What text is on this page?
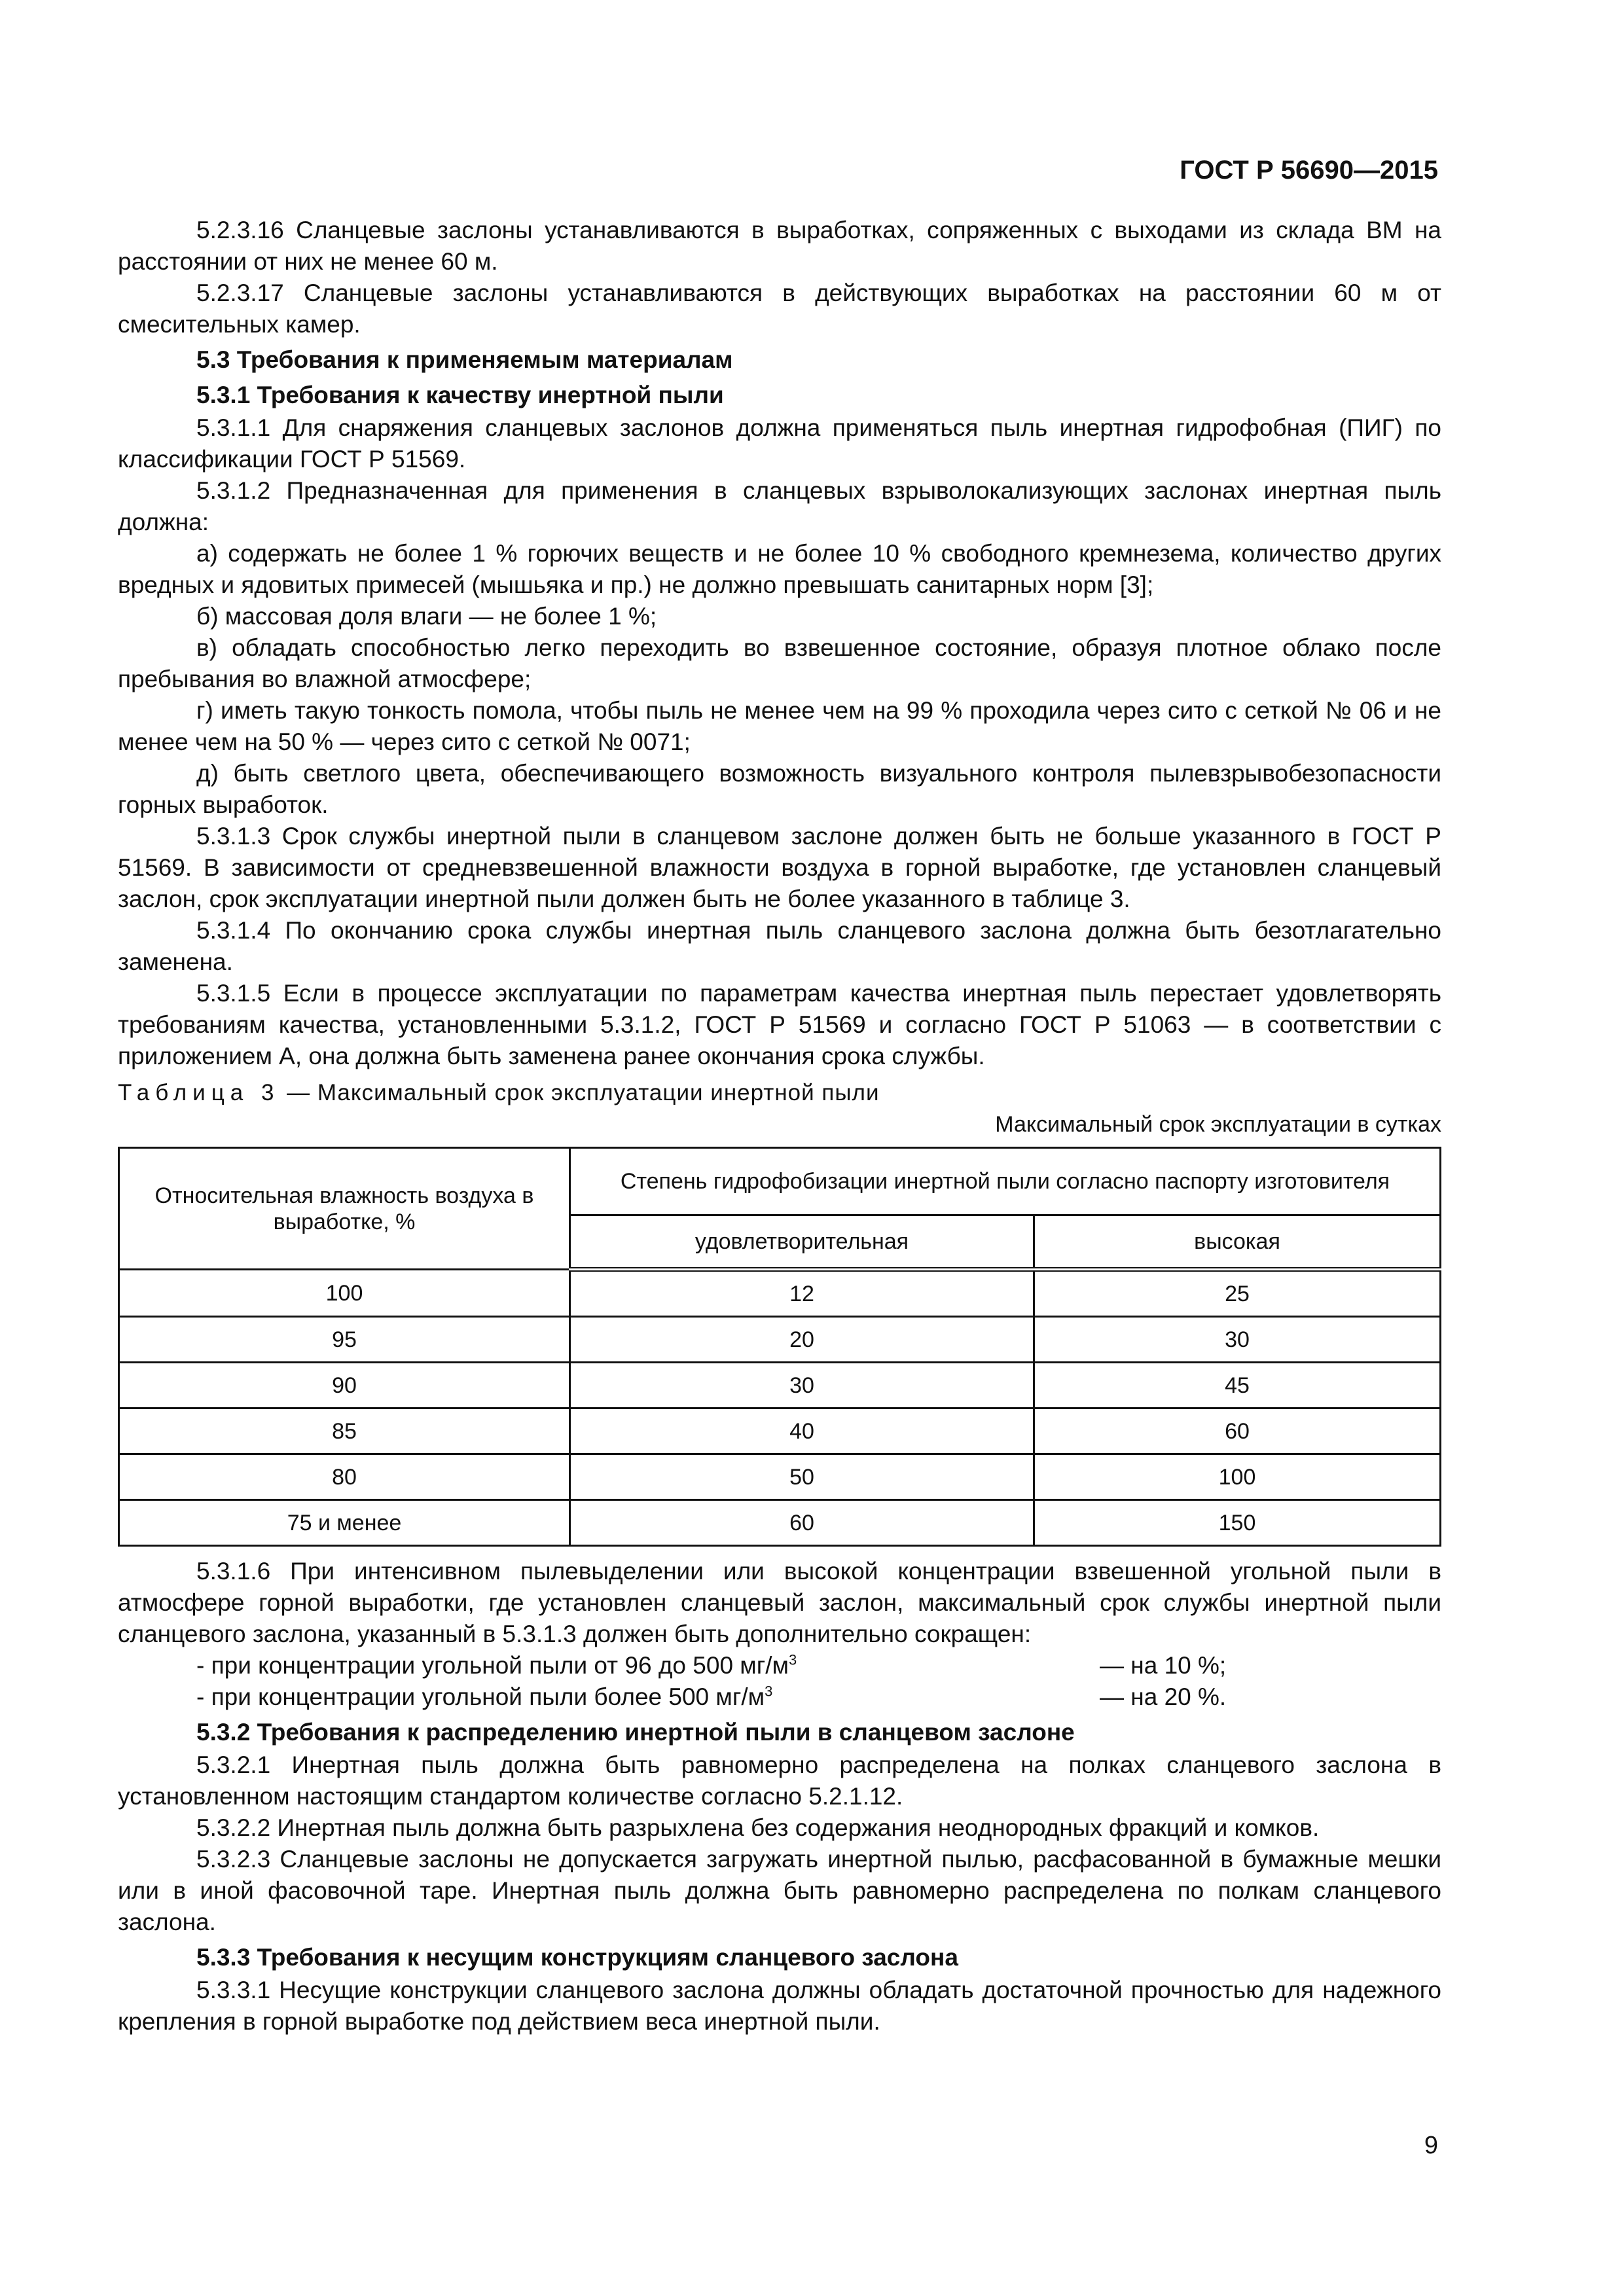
ГОСТ Р 56690—2015

5.2.3.16 Сланцевые заслоны устанавливаются в выработках, сопряженных с выходами из склада ВМ на расстоянии от них не менее 60 м.

5.2.3.17 Сланцевые заслоны устанавливаются в действующих выработках на расстоянии 60 м от смесительных камер.

5.3 Требования к применяемым материалам

5.3.1 Требования к качеству инертной пыли

5.3.1.1 Для снаряжения сланцевых заслонов должна применяться пыль инертная гидрофобная (ПИГ) по классификации ГОСТ Р 51569.

5.3.1.2 Предназначенная для применения в сланцевых взрыволокализующих заслонах инертная пыль должна:

а) содержать не более 1 % горючих веществ и не более 10 % свободного кремнезема, количество других вредных и ядовитых примесей (мышьяка и пр.) не должно превышать санитарных норм [3];

б) массовая доля влаги — не более 1 %;

в) обладать способностью легко переходить во взвешенное состояние, образуя плотное облако после пребывания во влажной атмосфере;

г) иметь такую тонкость помола, чтобы пыль не менее чем на 99 % проходила через сито с сеткой № 06 и не менее чем на 50 % — через сито с сеткой № 0071;

д) быть светлого цвета, обеспечивающего возможность визуального контроля пылевзрывобезопасности горных выработок.

5.3.1.3 Срок службы инертной пыли в сланцевом заслоне должен быть не больше указанного в ГОСТ Р 51569. В зависимости от средневзвешенной влажности воздуха в горной выработке, где установлен сланцевый заслон, срок эксплуатации инертной пыли должен быть не более указанного в таблице 3.

5.3.1.4 По окончанию срока службы инертная пыль сланцевого заслона должна быть безотлагательно заменена.

5.3.1.5 Если в процессе эксплуатации по параметрам качества инертная пыль перестает удовлетворять требованиям качества, установленными 5.3.1.2, ГОСТ Р 51569 и согласно ГОСТ Р 51063 — в соответствии с приложением А, она должна быть заменена ранее окончания срока службы.

Таблица 3 — Максимальный срок эксплуатации инертной пыли

Максимальный срок эксплуатации в сутках

Относительная влажность воздуха в выработке, %	Степень гидрофобизации инертной пыли согласно паспорту изготовителя	
	удовлетворительная	высокая
100	12	25
95	20	30
90	30	45
85	40	60
80	50	100
75 и менее	60	150

5.3.1.6 При интенсивном пылевыделении или высокой концентрации взвешенной угольной пыли в атмосфере горной выработки, где установлен сланцевый заслон, максимальный срок службы инертной пыли сланцевого заслона, указанный в 5.3.1.3 должен быть дополнительно сокращен:

- при концентрации угольной пыли от 96 до 500 $мг/м^3$	— на 10 %;
- при концентрации угольной пыли более 500 $мг/м^3$	— на 20 %.

5.3.2 Требования к распределению инертной пыли в сланцевом заслоне

5.3.2.1 Инертная пыль должна быть равномерно распределена на полках сланцевого заслона в установленном настоящим стандартом количестве согласно 5.2.1.12.

5.3.2.2 Инертная пыль должна быть разрыхлена без содержания неоднородных фракций и комков.

5.3.2.3 Сланцевые заслоны не допускается загружать инертной пылью, расфасованной в бумажные мешки или в иной фасовочной таре. Инертная пыль должна быть равномерно распределена по полкам сланцевого заслона.

5.3.3 Требования к несущим конструкциям сланцевого заслона

5.3.3.1 Несущие конструкции сланцевого заслона должны обладать достаточной прочностью для надежного крепления в горной выработке под действием веса инертной пыли.

9
